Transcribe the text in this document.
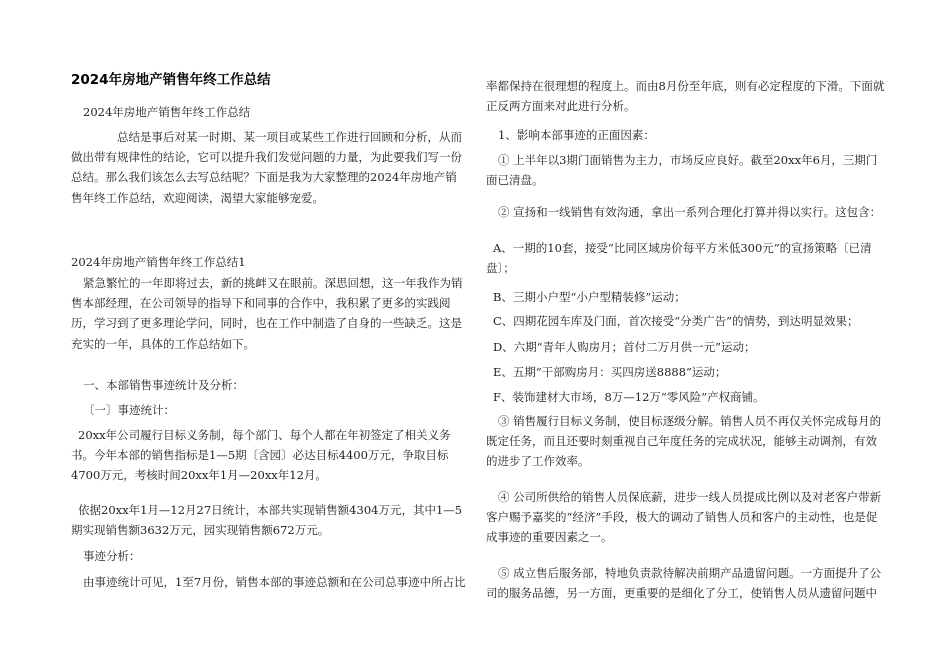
2024年房地产销售年终工作总结

2024年房地产销售年终工作总结

总结是事后对某一时期、某一项目或某些工作进行回顾和分析，从而做出带有规律性的结论，它可以提升我们发觉问题的力量，为此要我们写一份总结。那么我们该怎么去写总结呢？下面是我为大家整理的2024年房地产销售年终工作总结，欢迎阅读，渴望大家能够宠爱。

2024年房地产销售年终工作总结1

紧急繁忙的一年即将过去，新的挑衅又在眼前。深思回想，这一年我作为销售本部经理，在公司领导的指导下和同事的合作中，我积累了更多的实践阅历，学习到了更多理论学问，同时，也在工作中制造了自身的一些缺乏。这是充实的一年，具体的工作总结如下。

一、本部销售事迹统计及分析：

〔一〕事迹统计：

20xx年公司履行目标义务制，每个部门、每个人都在年初签定了相关义务书。今年本部的销售指标是1—5期〔含园〕必达目标4400万元，争取目标4700万元，考核时间20xx年1月—20xx年12月。

依据20xx年1月—12月27日统计，本部共实现销售额4304万元，其中1—5期实现销售额3632万元，园实现销售额672万元。

事迹分析：

由事迹统计可见，1至7月份，销售本部的事迹总额和在公司总事迹中所占比

率都保持在很理想的程度上。而由8月份至年底，则有必定程度的下滑。下面就正反两方面来对此进行分析。

1、影响本部事迹的正面因素：

① 上半年以3期门面销售为主力，市场反应良好。截至20xx年6月，三期门面已清盘。

② 宣扬和一线销售有效沟通，拿出一系列合理化打算并得以实行。这包含：

A、一期的10套，接受“比同区域房价每平方米低300元”的宣扬策略〔已清盘〕；

B、三期小户型“小户型精装修”运动；

C、四期花园车库及门面，首次接受“分类广告”的情势，到达明显效果；

D、六期“青年人购房月；首付二万月供一元”运动；

E、五期“干部购房月：买四房送8888”运动；

F、装饰建材大市场，8万—12万“零风险”产权商铺。

③ 销售履行目标义务制，使目标逐级分解。销售人员不再仅关怀完成每月的既定任务，而且还要时刻重视自己年度任务的完成状况，能够主动调剂，有效的进步了工作效率。

④ 公司所供给的销售人员保底薪，进步一线人员提成比例以及对老客户带新客户赐予嘉奖的“经济”手段，极大的调动了销售人员和客户的主动性，也是促成事迹的重要因素之一。

⑤ 成立售后服务部，特地负责款待解决前期产品遗留问题。一方面提升了公司的服务品德，另一方面，更重要的是细化了分工，使销售人员从遗留问题中
